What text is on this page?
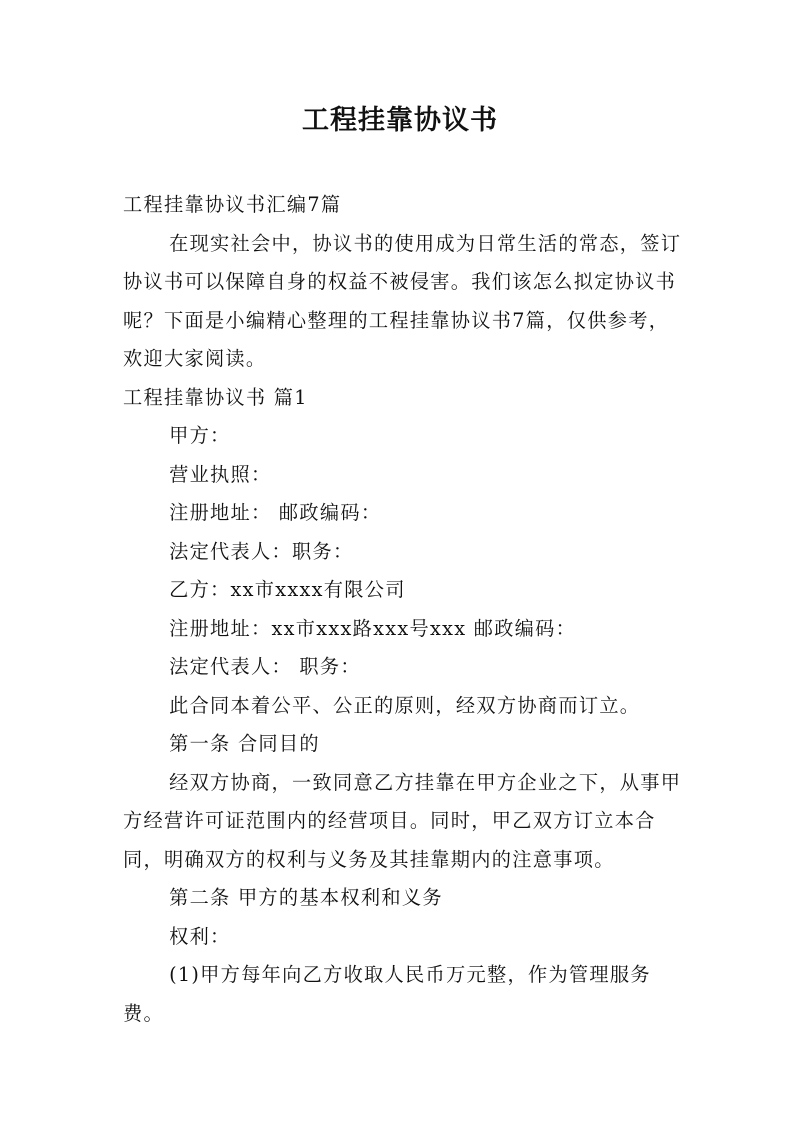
工程挂靠协议书

工程挂靠协议书汇编7篇

在现实社会中，协议书的使用成为日常生活的常态，签订协议书可以保障自身的权益不被侵害。我们该怎么拟定协议书呢？下面是小编精心整理的工程挂靠协议书7篇，仅供参考，欢迎大家阅读。

工程挂靠协议书 篇1

甲方：

营业执照：

注册地址： 邮政编码：

法定代表人：职务：

乙方：xx市xxxx有限公司

注册地址：xx市xxx路xxx号xxx 邮政编码：

法定代表人： 职务：

此合同本着公平、公正的原则，经双方协商而订立。

第一条 合同目的

经双方协商，一致同意乙方挂靠在甲方企业之下，从事甲方经营许可证范围内的经营项目。同时，甲乙双方订立本合同，明确双方的权利与义务及其挂靠期内的注意事项。

第二条 甲方的基本权利和义务

权利：

(1)甲方每年向乙方收取人民币万元整，作为管理服务费。
